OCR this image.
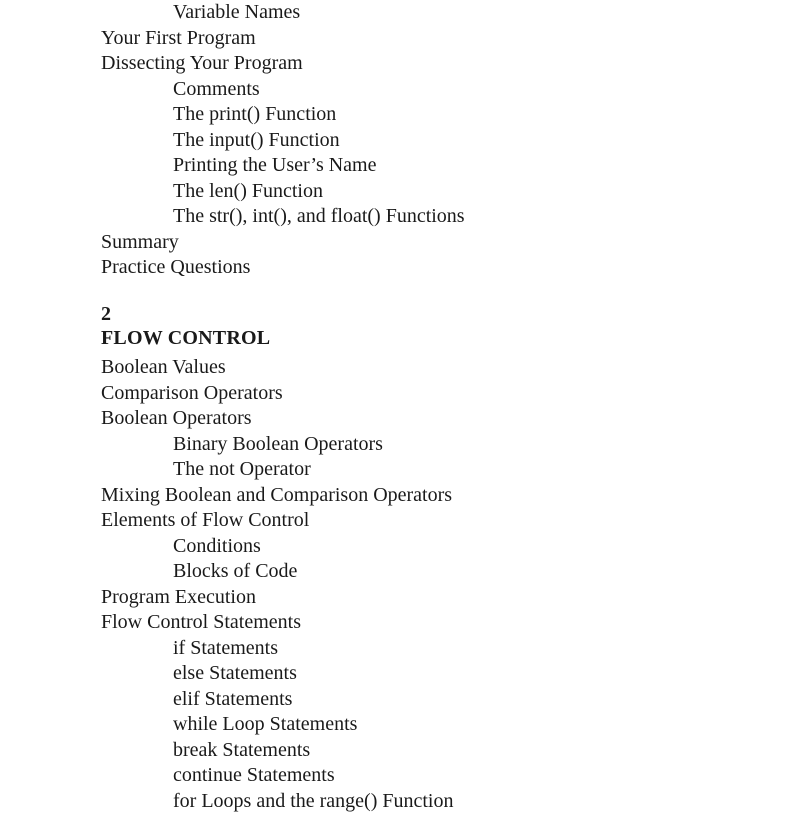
Variable Names
Your First Program
Dissecting Your Program
Comments
The print() Function
The input() Function
Printing the User’s Name
The len() Function
The str(), int(), and float() Functions
Summary
Practice Questions
2
FLOW CONTROL
Boolean Values
Comparison Operators
Boolean Operators
Binary Boolean Operators
The not Operator
Mixing Boolean and Comparison Operators
Elements of Flow Control
Conditions
Blocks of Code
Program Execution
Flow Control Statements
if Statements
else Statements
elif Statements
while Loop Statements
break Statements
continue Statements
for Loops and the range() Function
